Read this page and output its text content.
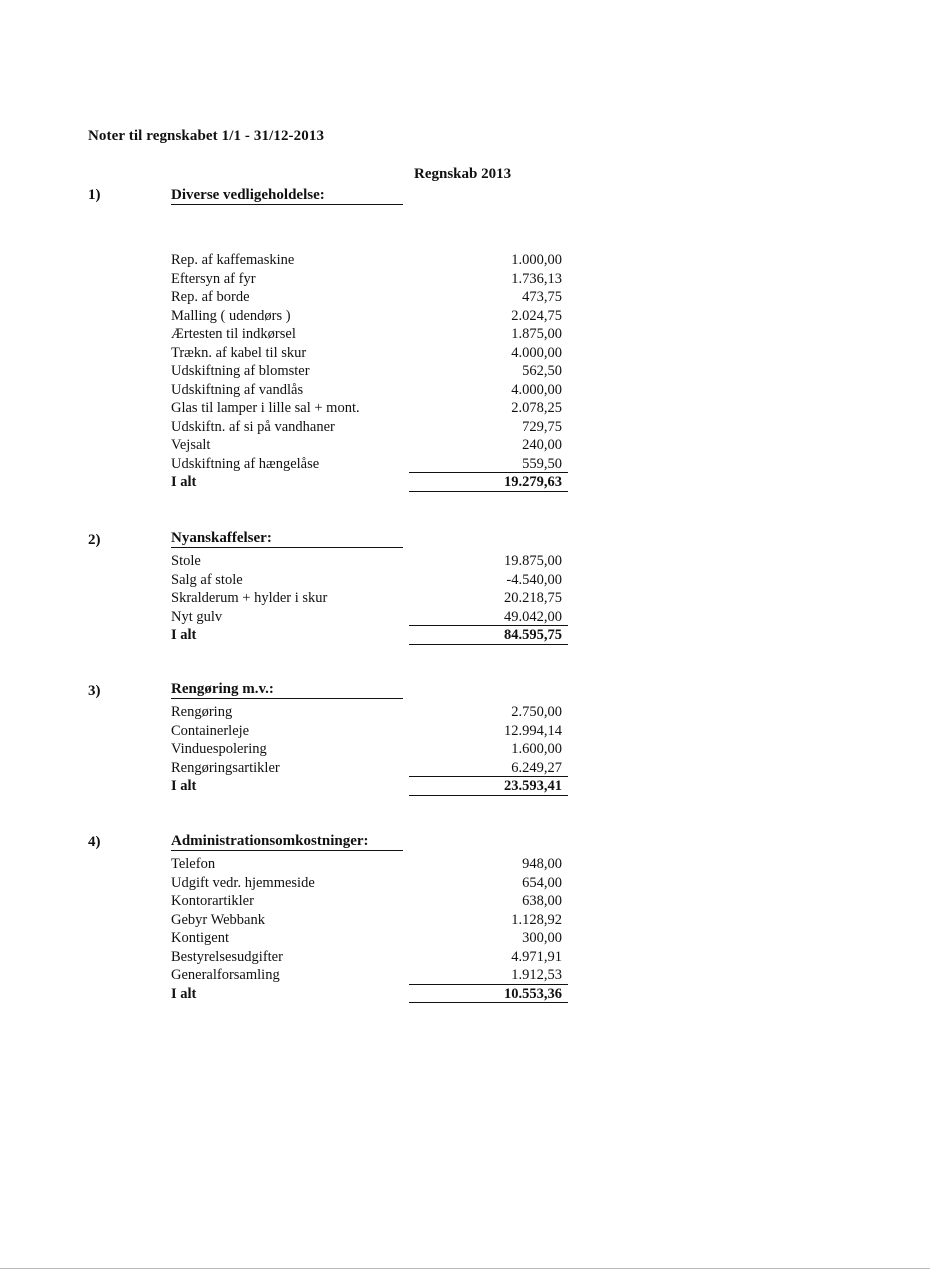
Noter til regnskabet 1/1 - 31/12-2013
Regnskab 2013
1)	Diverse vedligeholdelse:
Rep. af kaffemaskine	1.000,00
Eftersyn af fyr	1.736,13
Rep. af borde	473,75
Malling ( udendørs )	2.024,75
Ærtesten til indkørsel	1.875,00
Trækn. af kabel til skur	4.000,00
Udskiftning af blomster	562,50
Udskiftning af vandlås	4.000,00
Glas til lamper i lille sal + mont.	2.078,25
Udskiftn. af si på vandhaner	729,75
Vejsalt	240,00
Udskiftning af hængelåse	559,50
I alt	19.279,63
2)	Nyanskaffelser:
Stole	19.875,00
Salg af stole	-4.540,00
Skralderum + hylder i skur	20.218,75
Nyt gulv	49.042,00
I alt	84.595,75
3)	Rengøring m.v.:
Rengøring	2.750,00
Containerleje	12.994,14
Vinduespolering	1.600,00
Rengøringsartikler	6.249,27
I alt	23.593,41
4)	Administrationsomkostninger:
Telefon	948,00
Udgift vedr. hjemmeside	654,00
Kontorartikler	638,00
Gebyr Webbank	1.128,92
Kontigent	300,00
Bestyrelsesudgifter	4.971,91
Generalforsamling	1.912,53
I alt	10.553,36
